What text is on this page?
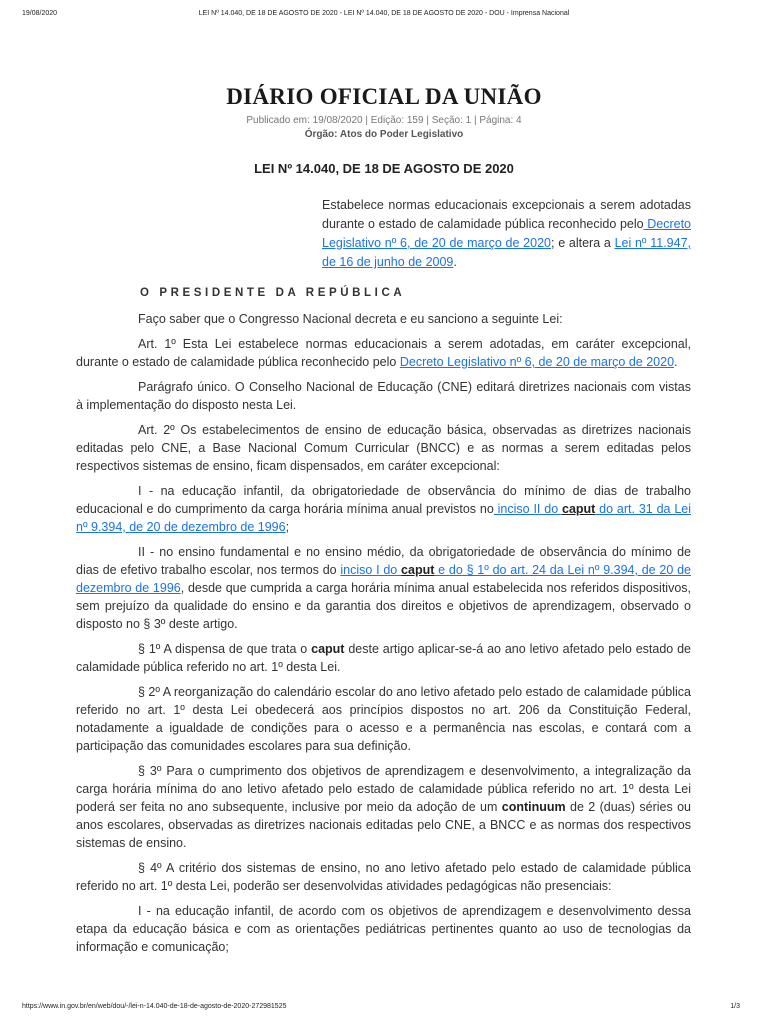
19/08/2020	LEI Nº 14.040, DE 18 DE AGOSTO DE 2020 - LEI Nº 14.040, DE 18 DE AGOSTO DE 2020 - DOU - Imprensa Nacional
DIÁRIO OFICIAL DA UNIÃO
Publicado em: 19/08/2020 | Edição: 159 | Seção: 1 | Página: 4
Órgão: Atos do Poder Legislativo
LEI Nº 14.040, DE 18 DE AGOSTO DE 2020
Estabelece normas educacionais excepcionais a serem adotadas durante o estado de calamidade pública reconhecido pelo Decreto Legislativo nº 6, de 20 de março de 2020; e altera a Lei nº 11.947, de 16 de junho de 2009.
O PRESIDENTE DA REPÚBLICA

Faço saber que o Congresso Nacional decreta e eu sanciono a seguinte Lei:

Art. 1º Esta Lei estabelece normas educacionais a serem adotadas, em caráter excepcional, durante o estado de calamidade pública reconhecido pelo Decreto Legislativo nº 6, de 20 de março de 2020.

Parágrafo único. O Conselho Nacional de Educação (CNE) editará diretrizes nacionais com vistas à implementação do disposto nesta Lei.

Art. 2º Os estabelecimentos de ensino de educação básica, observadas as diretrizes nacionais editadas pelo CNE, a Base Nacional Comum Curricular (BNCC) e as normas a serem editadas pelos respectivos sistemas de ensino, ficam dispensados, em caráter excepcional:

I - na educação infantil, da obrigatoriedade de observância do mínimo de dias de trabalho educacional e do cumprimento da carga horária mínima anual previstos no inciso II do caput do art. 31 da Lei nº 9.394, de 20 de dezembro de 1996;

II - no ensino fundamental e no ensino médio, da obrigatoriedade de observância do mínimo de dias de efetivo trabalho escolar, nos termos do inciso I do caput e do § 1º do art. 24 da Lei nº 9.394, de 20 de dezembro de 1996, desde que cumprida a carga horária mínima anual estabelecida nos referidos dispositivos, sem prejuízo da qualidade do ensino e da garantia dos direitos e objetivos de aprendizagem, observado o disposto no § 3º deste artigo.

§ 1º A dispensa de que trata o caput deste artigo aplicar-se-á ao ano letivo afetado pelo estado de calamidade pública referido no art. 1º desta Lei.

§ 2º A reorganização do calendário escolar do ano letivo afetado pelo estado de calamidade pública referido no art. 1º desta Lei obedecerá aos princípios dispostos no art. 206 da Constituição Federal, notadamente a igualdade de condições para o acesso e a permanência nas escolas, e contará com a participação das comunidades escolares para sua definição.

§ 3º Para o cumprimento dos objetivos de aprendizagem e desenvolvimento, a integralização da carga horária mínima do ano letivo afetado pelo estado de calamidade pública referido no art. 1º desta Lei poderá ser feita no ano subsequente, inclusive por meio da adoção de um continuum de 2 (duas) séries ou anos escolares, observadas as diretrizes nacionais editadas pelo CNE, a BNCC e as normas dos respectivos sistemas de ensino.

§ 4º A critério dos sistemas de ensino, no ano letivo afetado pelo estado de calamidade pública referido no art. 1º desta Lei, poderão ser desenvolvidas atividades pedagógicas não presenciais:

I - na educação infantil, de acordo com os objetivos de aprendizagem e desenvolvimento dessa etapa da educação básica e com as orientações pediátricas pertinentes quanto ao uso de tecnologias da informação e comunicação;

https://www.in.gov.br/en/web/dou/-/lei-n-14.040-de-18-de-agosto-de-2020-272981525	1/3
